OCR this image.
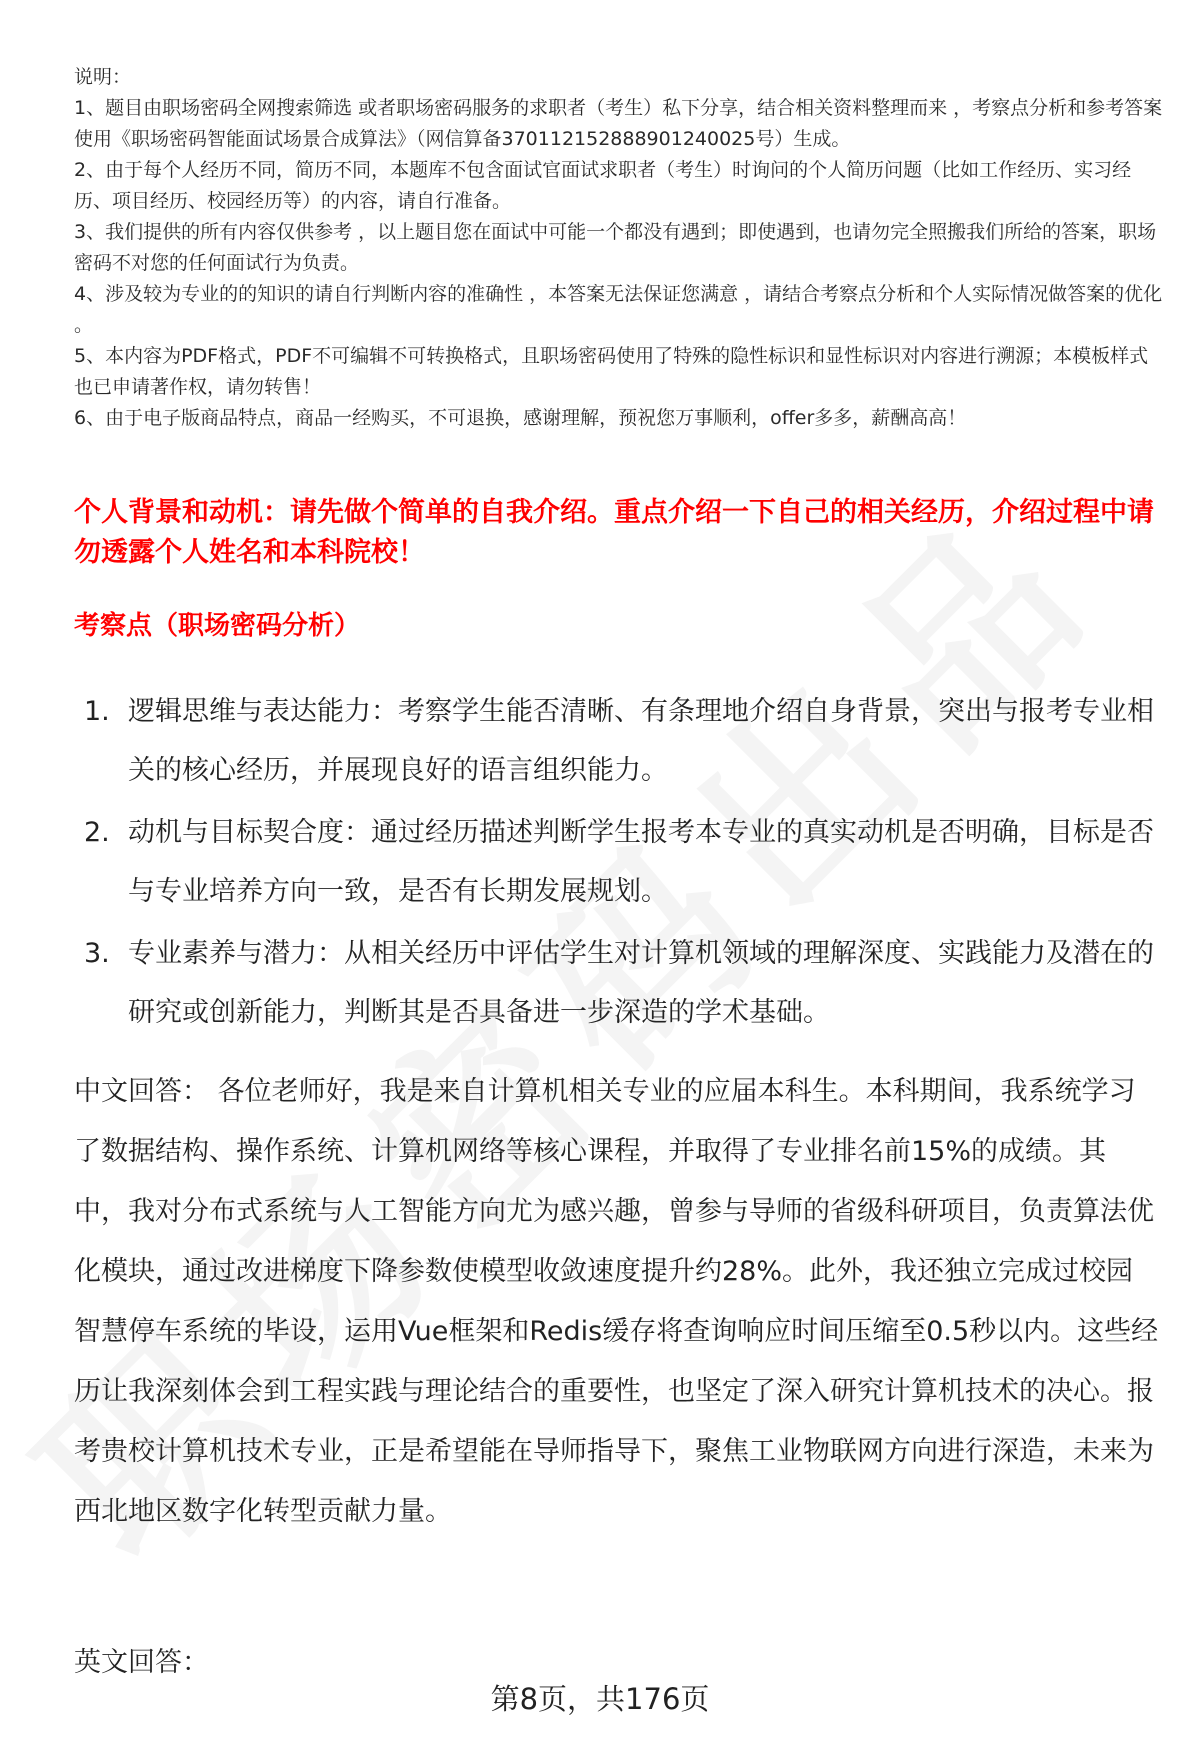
说明：

1、题目由职场密码全网搜索筛选 或者职场密码服务的求职者（考生）私下分享，结合相关资料整理而来 ，考察点分析和参考答案使用《职场密码智能面试场景合成算法》（网信算备370112152888901240025号）生成。

2、由于每个人经历不同，简历不同，本题库不包含面试官面试求职者（考生）时询问的个人简历问题（比如工作经历、实习经历、项目经历、校园经历等）的内容，请自行准备。

3、我们提供的所有内容仅供参考 ，以上题目您在面试中可能一个都没有遇到；即使遇到，也请勿完全照搬我们所给的答案，职场密码不对您的任何面试行为负责。

4、涉及较为专业的的知识的请自行判断内容的准确性 ，本答案无法保证您满意 ，请结合考察点分析和个人实际情况做答案的优化 。

5、本内容为PDF格式，PDF不可编辑不可转换格式，且职场密码使用了特殊的隐性标识和显性标识对内容进行溯源；本模板样式也已申请著作权，请勿转售！

6、由于电子版商品特点，商品一经购买，不可退换，感谢理解，预祝您万事顺利，offer多多，薪酬高高！

个人背景和动机：请先做个简单的自我介绍。重点介绍一下自己的相关经历，介绍过程中请勿透露个人姓名和本科院校！

考察点（职场密码分析）

1. 逻辑思维与表达能力：考察学生能否清晰、有条理地介绍自身背景，突出与报考专业相关的核心经历，并展现良好的语言组织能力。
2. 动机与目标契合度：通过经历描述判断学生报考本专业的真实动机是否明确，目标是否与专业培养方向一致，是否有长期发展规划。
3. 专业素养与潜力：从相关经历中评估学生对计算机领域的理解深度、实践能力及潜在的研究或创新能力，判断其是否具备进一步深造的学术基础。

中文回答： 各位老师好，我是来自计算机相关专业的应届本科生。本科期间，我系统学习了数据结构、操作系统、计算机网络等核心课程，并取得了专业排名前15%的成绩。其中，我对分布式系统与人工智能方向尤为感兴趣，曾参与导师的省级科研项目，负责算法优化模块，通过改进梯度下降参数使模型收敛速度提升约28%。此外，我还独立完成过校园智慧停车系统的毕设，运用Vue框架和Redis缓存将查询响应时间压缩至0.5秒以内。这些经历让我深刻体会到工程实践与理论结合的重要性，也坚定了深入研究计算机技术的决心。报考贵校计算机技术专业，正是希望能在导师指导下，聚焦工业物联网方向进行深造，未来为西北地区数字化转型贡献力量。

英文回答：

第8页，共176页
